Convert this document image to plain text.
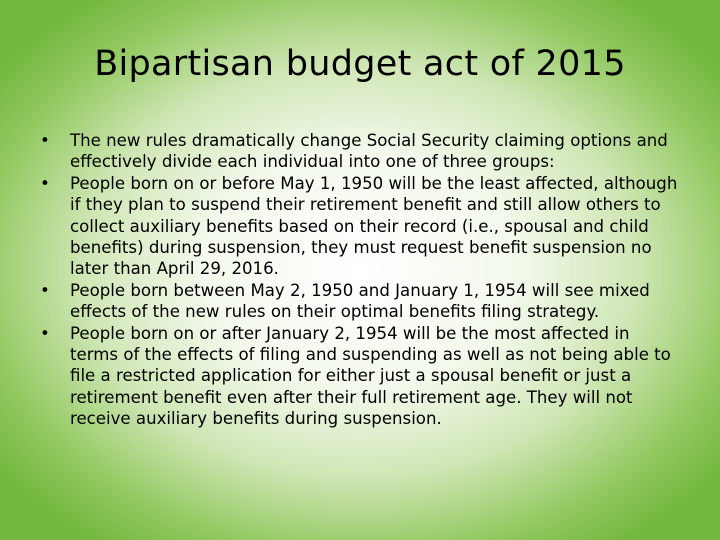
Bipartisan budget act of 2015
• The new rules dramatically change Social Security claiming options and effectively divide each individual into one of three groups:
• People born on or before May 1, 1950 will be the least affected, although if they plan to suspend their retirement benefit and still allow others to collect auxiliary benefits based on their record (i.e., spousal and child benefits) during suspension, they must request benefit suspension no later than April 29, 2016.
• People born between May 2, 1950 and January 1, 1954 will see mixed effects of the new rules on their optimal benefits filing strategy.
• People born on or after January 2, 1954 will be the most affected in terms of the effects of filing and suspending as well as not being able to file a restricted application for either just a spousal benefit or just a retirement benefit even after their full retirement age. They will not receive auxiliary benefits during suspension.
